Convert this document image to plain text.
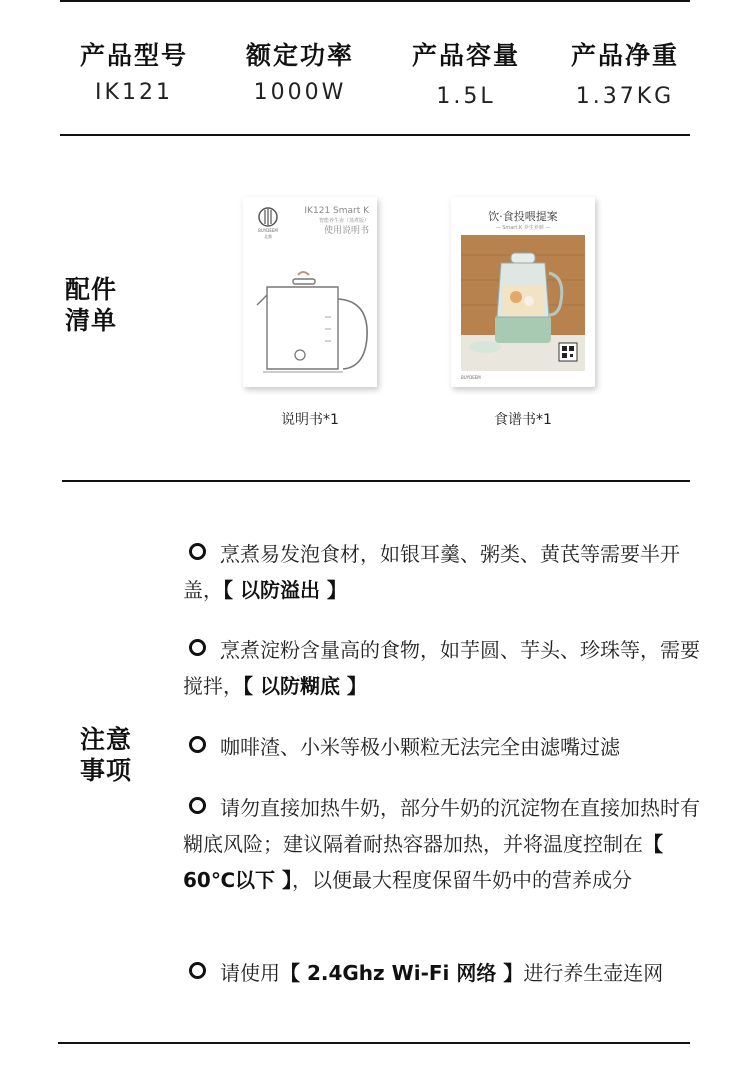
产品型号
IK121
额定功率
1000W
产品容量
1.5L
产品净重
1.37KG
配件
清单
BUYDEEM
北鼎
IK121 Smart K
智能养生壶（蒸煮版）
使用说明书
说明书*1
饮·食投喂提案
— Smart K 养生养颜 —
BUYDEEM
食谱书*1
注意
事项
烹煮易发泡食材，如银耳羹、粥类、黄芪等需要半开盖，【 以防溢出 】
烹煮淀粉含量高的食物，如芋圆、芋头、珍珠等，需要搅拌，【 以防糊底 】
咖啡渣、小米等极小颗粒无法完全由滤嘴过滤
请勿直接加热牛奶，部分牛奶的沉淀物在直接加热时有糊底风险；建议隔着耐热容器加热，并将温度控制在【 60℃以下 】，以便最大程度保留牛奶中的营养成分
请使用【 2.4Ghz Wi-Fi 网络 】进行养生壶连网
